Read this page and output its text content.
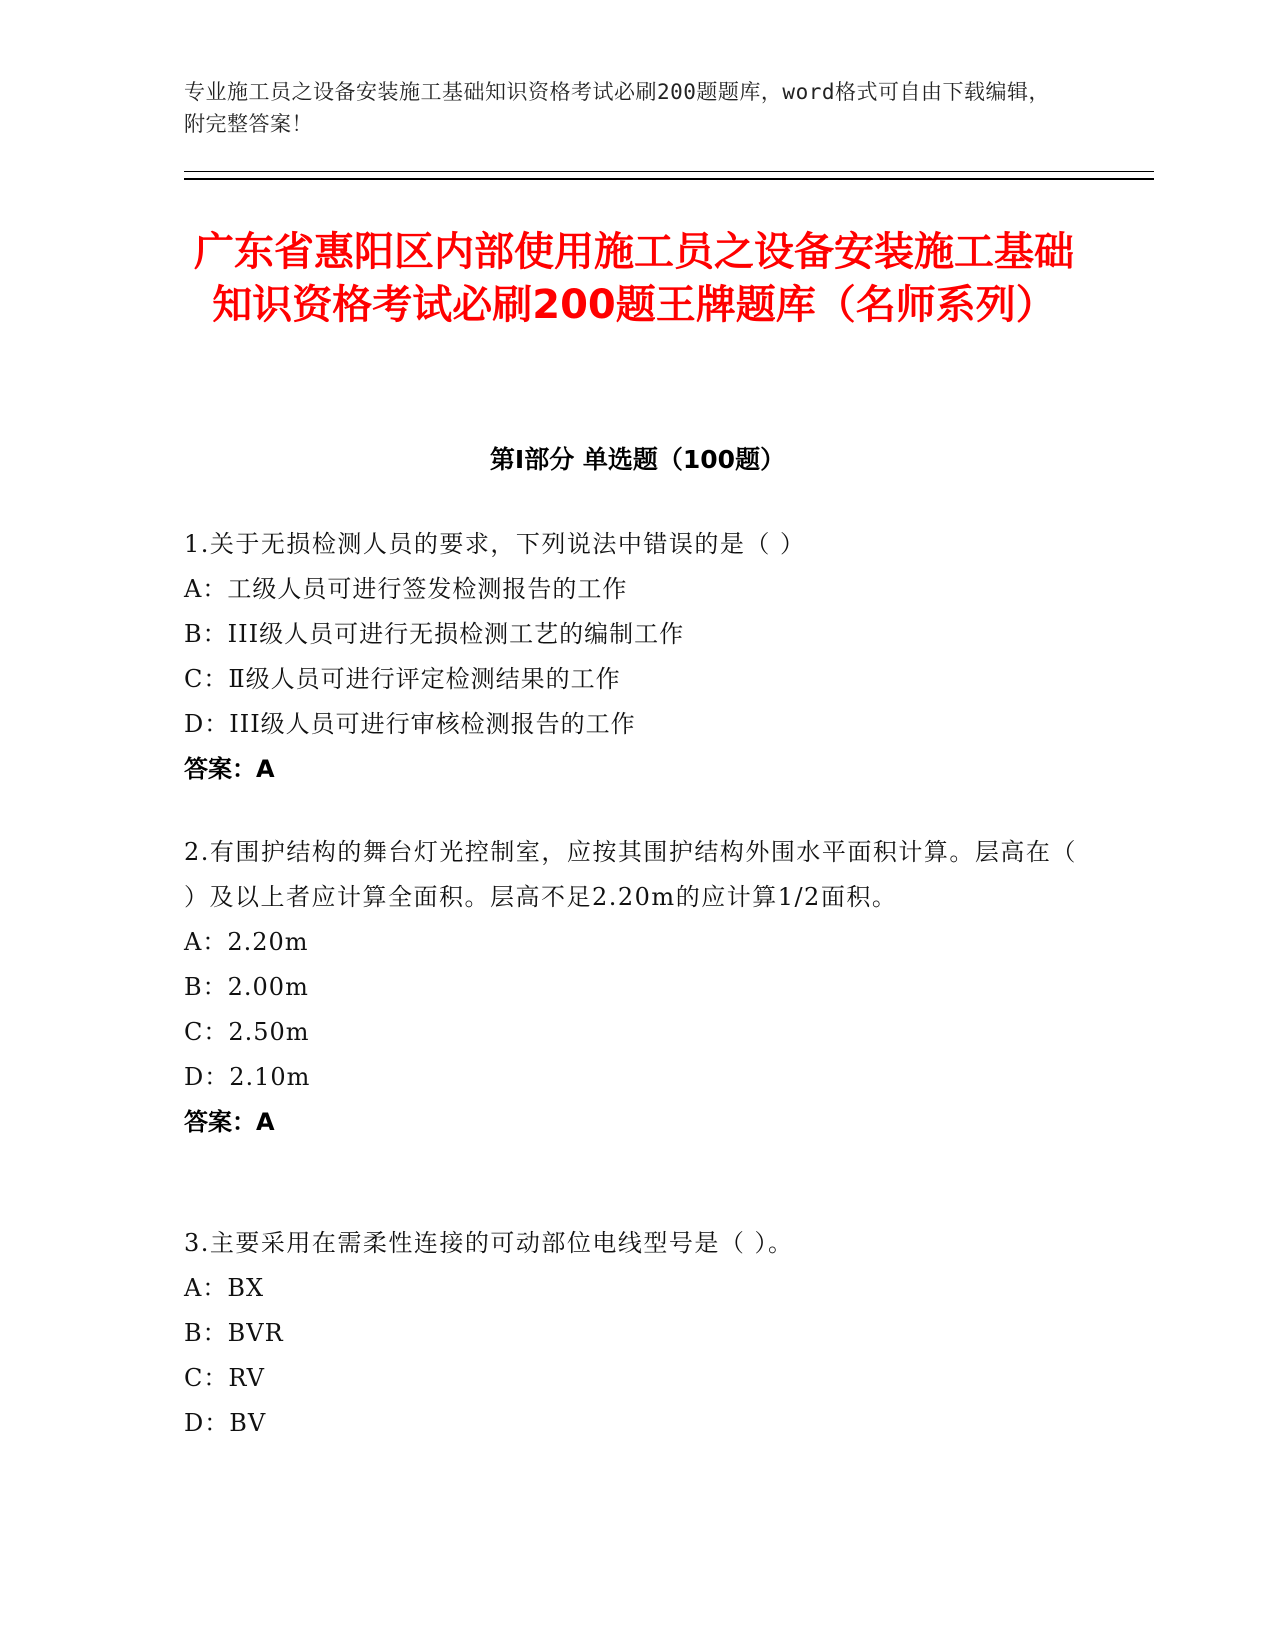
专业施工员之设备安装施工基础知识资格考试必刷200题题库，word格式可自由下载编辑，附完整答案！
广东省惠阳区内部使用施工员之设备安装施工基础知识资格考试必刷200题王牌题库（名师系列）
第I部分 单选题（100题）
1.关于无损检测人员的要求，下列说法中错误的是（ ）
A：工级人员可进行签发检测报告的工作
B：III级人员可进行无损检测工艺的编制工作
C：Ⅱ级人员可进行评定检测结果的工作
D：III级人员可进行审核检测报告的工作
答案：A
2.有围护结构的舞台灯光控制室，应按其围护结构外围水平面积计算。层高在（ ）及以上者应计算全面积。层高不足2.20m的应计算1/2面积。
A：2.20m
B：2.00m
C：2.50m
D：2.10m
答案：A
3.主要采用在需柔性连接的可动部位电线型号是（ ）。
A：BX
B：BVR
C：RV
D：BV
